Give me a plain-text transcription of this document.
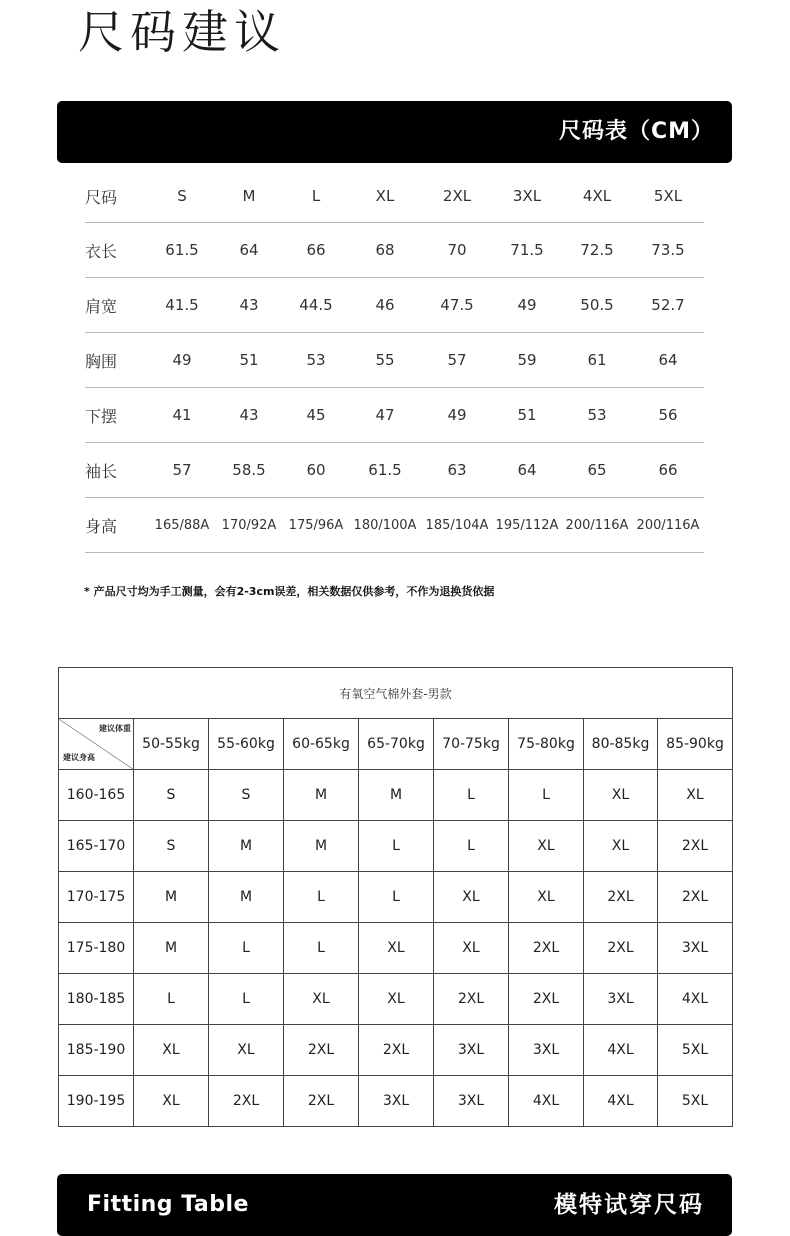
尺码建议
尺码表（CM）
尺码	S	M	L	XL	2XL	3XL	4XL	5XL
衣长	61.5	64	66	68	70	71.5	72.5	73.5
肩宽	41.5	43	44.5	46	47.5	49	50.5	52.7
胸围	49	51	53	55	57	59	61	64
下摆	41	43	45	47	49	51	53	56
袖长	57	58.5	60	61.5	63	64	65	66
身高	165/88A 170/92A 175/96A 180/100A 185/104A 195/112A 200/116A 200/116A
* 产品尺寸均为手工测量，会有2-3cm误差，相关数据仅供参考，不作为退换货依据
有氧空气棉外套-男款								

建议体重
建议身高	50-55kg	55-60kg	60-65kg	65-70kg	70-75kg	75-80kg	80-85kg	85-90kg
160-165	S	S	M	M	L	L	XL	XL
165-170	S	M	M	L	L	XL	XL	2XL
170-175	M	M	L	L	XL	XL	2XL	2XL
175-180	M	L	L	XL	XL	2XL	2XL	3XL
180-185	L	L	XL	XL	2XL	2XL	3XL	4XL
185-190	XL	XL	2XL	2XL	3XL	3XL	4XL	5XL
190-195	XL	2XL	2XL	3XL	3XL	4XL	4XL	5XL
Fitting Table	模特试穿尺码
